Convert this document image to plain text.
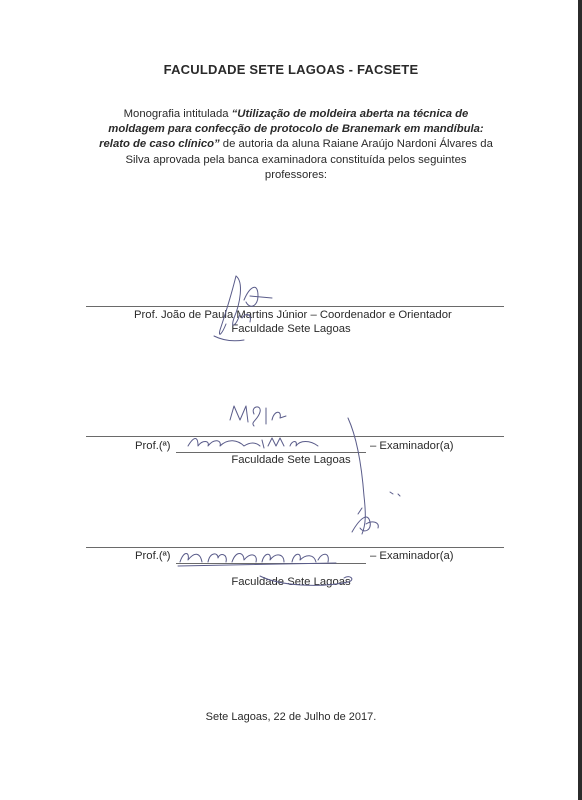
FACULDADE SETE LAGOAS - FACSETE
Monografia intitulada “Utilização de moldeira aberta na técnica de moldagem para confecção de protocolo de Branemark em mandíbula: relato de caso clínico” de autoria da aluna Raiane Araújo Nardoni Álvares da Silva aprovada pela banca examinadora constituída pelos seguintes professores:
Prof. João de Paula Martins Júnior – Coordenador e Orientador
Faculdade Sete Lagoas
Prof.(ª)	– Examinador(a)
Faculdade Sete Lagoas
Prof.(ª)	– Examinador(a)
Faculdade Sete Lagoas
Sete Lagoas, 22 de Julho de 2017.
